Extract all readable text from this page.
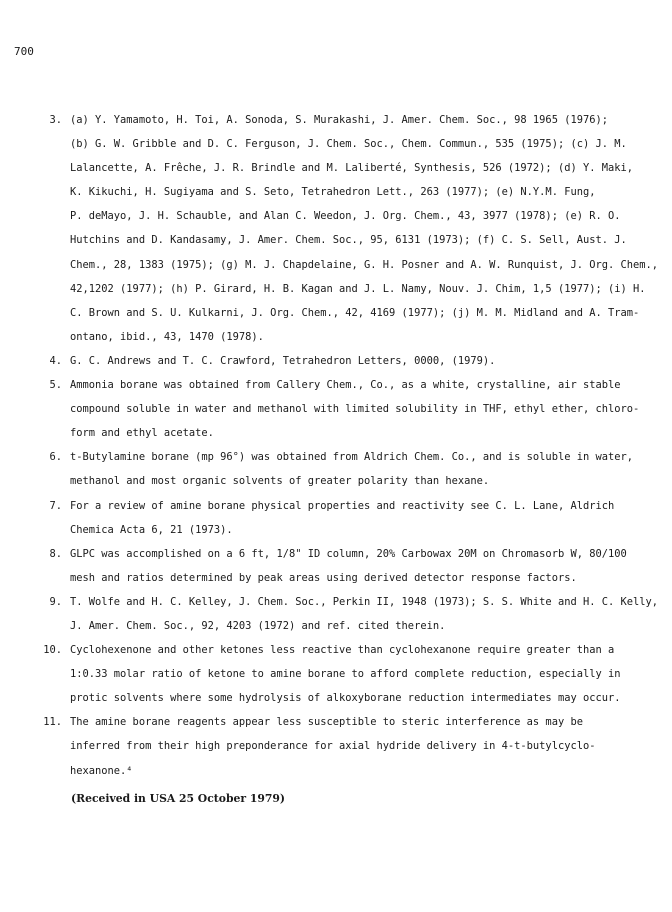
700
3. (a) Y. Yamamoto, H. Toi, A. Sonoda, S. Murakashi, J. Amer. Chem. Soc., 98 1965 (1976);
(b) G. W. Gribble and D. C. Ferguson, J. Chem. Soc., Chem. Commun., 535 (1975); (c) J. M.
Lalancette, A. Frêche, J. R. Brindle and M. Laliberté, Synthesis, 526 (1972); (d) Y. Maki,
K. Kikuchi, H. Sugiyama and S. Seto, Tetrahedron Lett., 263 (1977); (e) N.Y.M. Fung,
P. deMayo, J. H. Schauble, and Alan C. Weedon, J. Org. Chem., 43, 3977 (1978); (e) R. O.
Hutchins and D. Kandasamy, J. Amer. Chem. Soc., 95, 6131 (1973); (f) C. S. Sell, Aust. J.
Chem., 28, 1383 (1975); (g) M. J. Chapdelaine, G. H. Posner and A. W. Runquist, J. Org. Chem.,
42,1202 (1977); (h) P. Girard, H. B. Kagan and J. L. Namy, Nouv. J. Chim, 1,5 (1977); (i) H.
C. Brown and S. U. Kulkarni, J. Org. Chem., 42, 4169 (1977); (j) M. M. Midland and A. Tram-
ontano, ibid., 43, 1470 (1978).
4. G. C. Andrews and T. C. Crawford, Tetrahedron Letters, 0000, (1979).
5. Ammonia borane was obtained from Callery Chem., Co., as a white, crystalline, air stable
compound soluble in water and methanol with limited solubility in THF, ethyl ether, chloro-
form and ethyl acetate.
6. t-Butylamine borane (mp 96°) was obtained from Aldrich Chem. Co., and is soluble in water,
methanol and most organic solvents of greater polarity than hexane.
7. For a review of amine borane physical properties and reactivity see C. L. Lane, Aldrich
Chemica Acta 6, 21 (1973).
8. GLPC was accomplished on a 6 ft, 1/8" ID column, 20% Carbowax 20M on Chromasorb W, 80/100
mesh and ratios determined by peak areas using derived detector response factors.
9. T. Wolfe and H. C. Kelley, J. Chem. Soc., Perkin II, 1948 (1973); S. S. White and H. C. Kelly,
J. Amer. Chem. Soc., 92, 4203 (1972) and ref. cited therein.
10. Cyclohexenone and other ketones less reactive than cyclohexanone require greater than a
1:0.33 molar ratio of ketone to amine borane to afford complete reduction, especially in
protic solvents where some hydrolysis of alkoxyborane reduction intermediates may occur.
11. The amine borane reagents appear less susceptible to steric interference as may be
inferred from their high preponderance for axial hydride delivery in 4-t-butylcyclo-
hexanone.⁴
(Received in USA 25 October 1979)
